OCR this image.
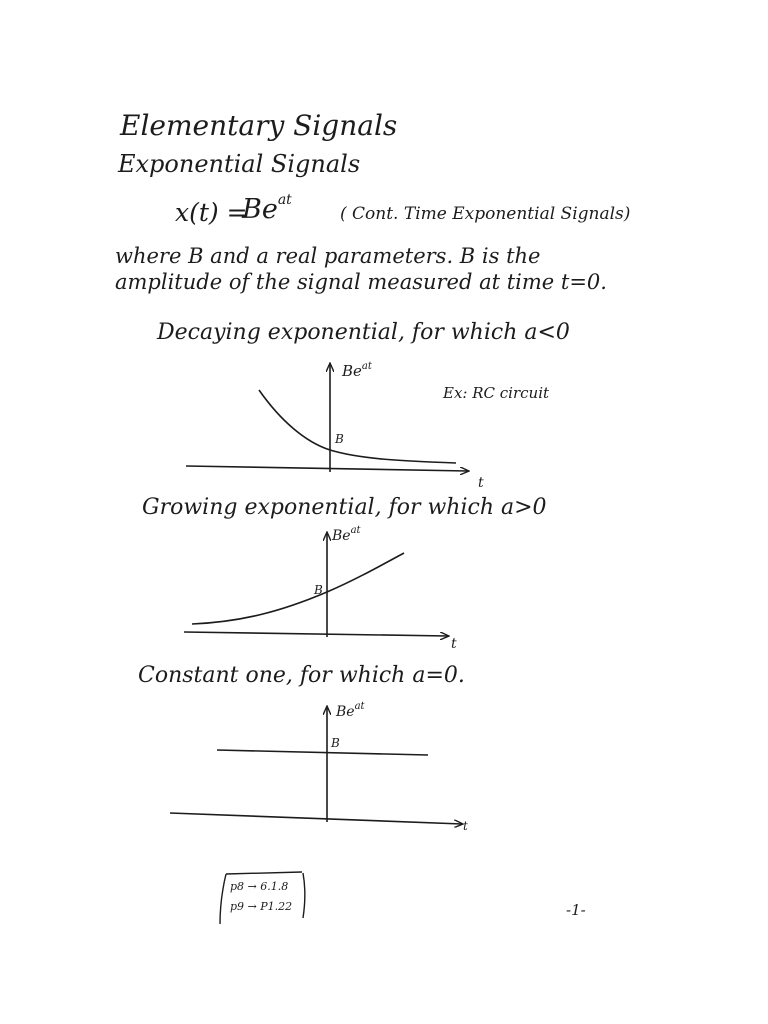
Elementary Signals
Exponential Signals
x(t) =
$Be^{at}$
( Cont. Time Exponential Signals)
where B and a real parameters. B is the
amplitude of the signal measured at time t=0.
Decaying exponential, for which a<0
Ex: RC circuit
Growing exponential, for which a>0
Constant one, for which a=0.
$Be^{at}$
t
B
$Be^{at}$
t
B
$Be^{at}$
t
B
p8 → 6.1.8
p9 → P1.22	-1-
